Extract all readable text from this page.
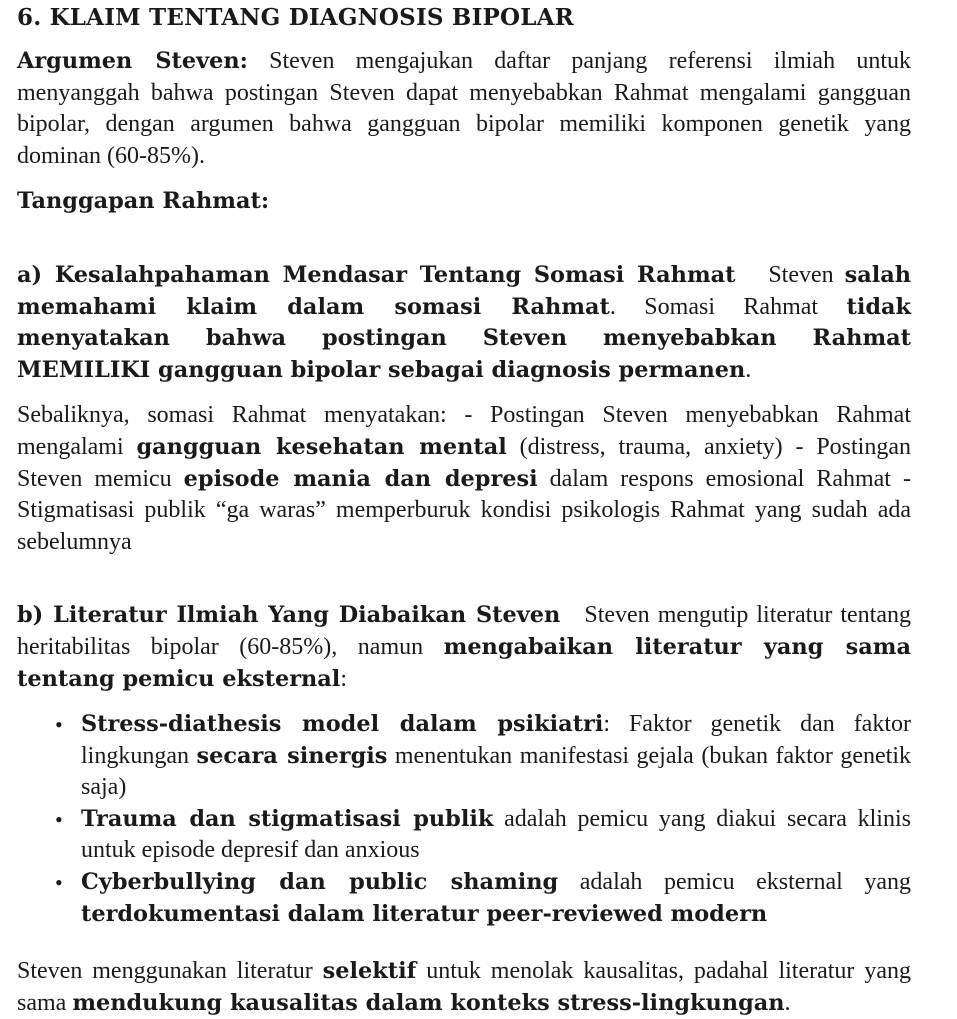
6. KLAIM TENTANG DIAGNOSIS BIPOLAR

Argumen Steven: Steven mengajukan daftar panjang referensi ilmiah untuk menyanggah bahwa postingan Steven dapat menyebabkan Rahmat mengalami gangguan bipolar, dengan argumen bahwa gangguan bipolar memiliki komponen genetik yang dominan (60-85%).

Tanggapan Rahmat:

a) Kesalahpahaman Mendasar Tentang Somasi Rahmat   Steven salah memahami klaim dalam somasi Rahmat. Somasi Rahmat tidak menyatakan bahwa postingan Steven menyebabkan Rahmat MEMILIKI gangguan bipolar sebagai diagnosis permanen.

Sebaliknya, somasi Rahmat menyatakan: - Postingan Steven menyebabkan Rahmat mengalami gangguan kesehatan mental (distress, trauma, anxiety) - Postingan Steven memicu episode mania dan depresi dalam respons emosional Rahmat - Stigmatisasi publik “ga waras” memperburuk kondisi psikologis Rahmat yang sudah ada sebelumnya

b) Literatur Ilmiah Yang Diabaikan Steven   Steven mengutip literatur tentang heritabilitas bipolar (60-85%), namun mengabaikan literatur yang sama tentang pemicu eksternal:

• Stress-diathesis model dalam psikiatri: Faktor genetik dan faktor lingkungan secara sinergis menentukan manifestasi gejala (bukan faktor genetik saja)
• Trauma dan stigmatisasi publik adalah pemicu yang diakui secara klinis untuk episode depresif dan anxious
• Cyberbullying dan public shaming adalah pemicu eksternal yang terdokumentasi dalam literatur peer-reviewed modern

Steven menggunakan literatur selektif untuk menolak kausalitas, padahal literatur yang sama mendukung kausalitas dalam konteks stress-lingkungan.
